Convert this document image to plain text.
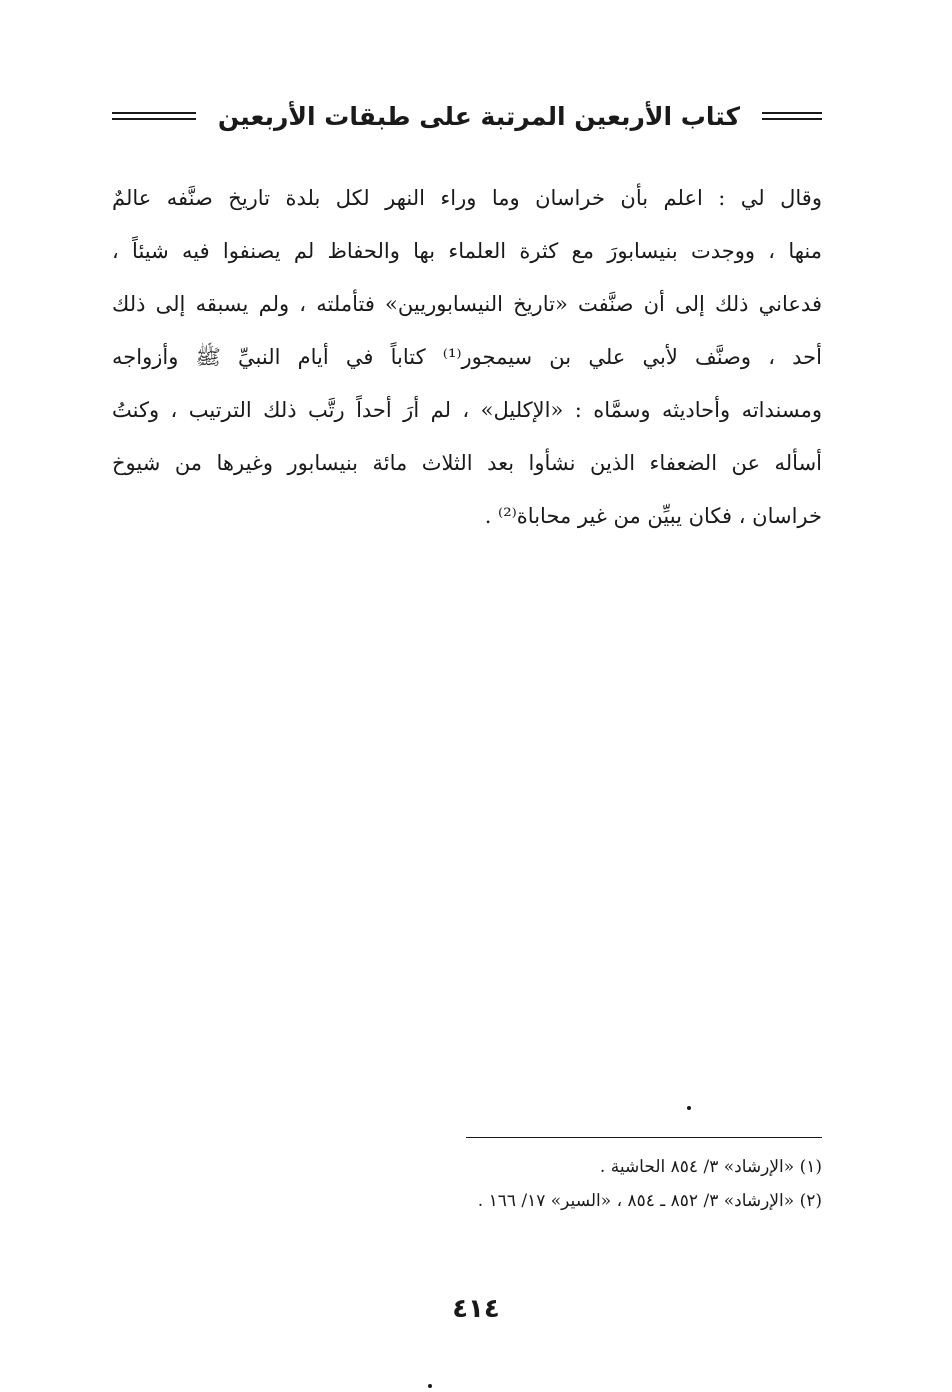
كتاب الأربعين المرتبة على طبقات الأربعين
وقال لي : اعلم بأن خراسان وما وراء النهر لكل بلدة تاريخ صنَّفه عالمٌ
منها ، ووجدت بنيسابورَ مع كثرة العلماء بها والحفاظ لم يصنفوا فيه شيئاً ،
فدعاني ذلك إلى أن صنَّفت «تاريخ النيسابوريين» فتأملته ، ولم يسبقه إلى ذلك
أحد ، وصنَّف لأبي علي بن سيمجور⁽¹⁾ كتاباً في أيام النبيِّ ﷺ وأزواجه
ومسنداته وأحاديثه وسمَّاه : «الإكليل» ، لم أرَ أحداً رتَّب ذلك الترتيب ، وكنتُ
أسأله عن الضعفاء الذين نشأوا بعد الثلاث مائة بنيسابور وغيرها من شيوخ
خراسان ، فكان يبيِّن من غير محاباة⁽²⁾ .
(١) «الإرشاد» ٣/ ٨٥٤ الحاشية .
(٢) «الإرشاد» ٣/ ٨٥٢ ـ ٨٥٤ ، «السير» ١٧/ ١٦٦ .
٤١٤
